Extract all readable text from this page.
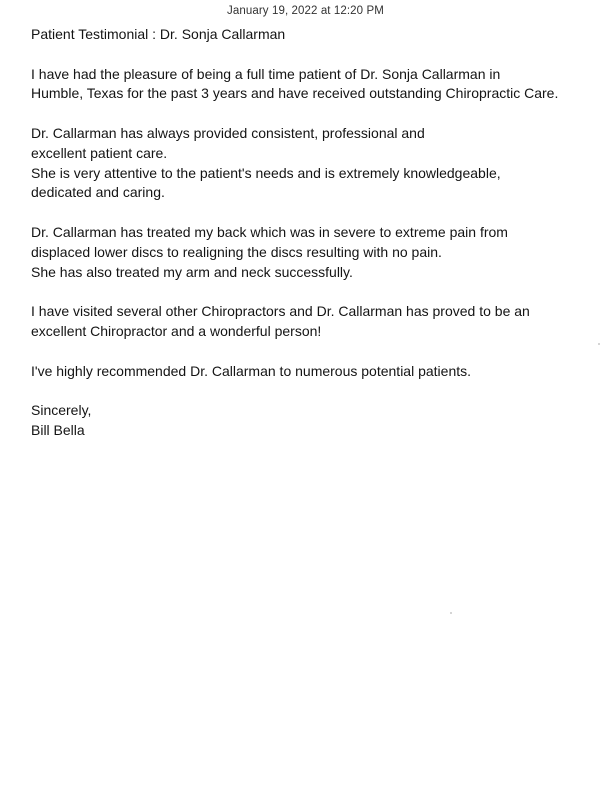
January 19, 2022 at 12:20 PM
Patient Testimonial : Dr. Sonja Callarman
I have had the pleasure of being a full time patient of Dr. Sonja Callarman in
Humble, Texas for the past 3 years and have received outstanding Chiropractic Care.
Dr. Callarman has always provided consistent, professional and
excellent patient care.
She is very attentive to the patient's needs and is extremely knowledgeable,
dedicated and caring.
Dr. Callarman has treated my back which was in severe to extreme pain from
displaced lower discs to realigning the discs resulting with no pain.
She has also treated my arm and neck successfully.
I have visited several other Chiropractors and Dr. Callarman has proved to be an
excellent Chiropractor and a wonderful person!
I've highly recommended Dr. Callarman to numerous potential patients.
Sincerely,
Bill Bella
